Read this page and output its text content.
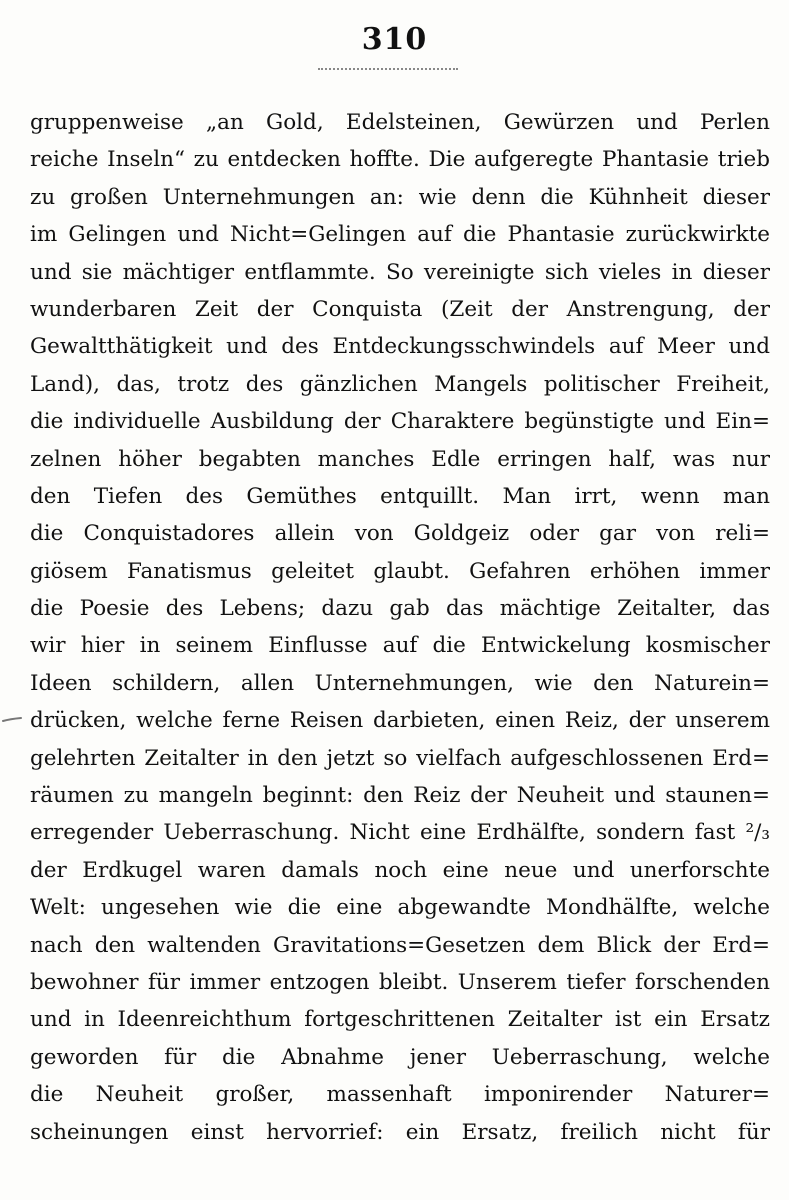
310
gruppenweise „an Gold, Edelsteinen, Gewürzen und Perlen
reiche Inseln“ zu entdecken hoffte. Die aufgeregte Phantasie trieb
zu großen Unternehmungen an: wie denn die Kühnheit dieser
im Gelingen und Nicht=Gelingen auf die Phantasie zurückwirkte
und sie mächtiger entflammte. So vereinigte sich vieles in dieser
wunderbaren Zeit der Conquista (Zeit der Anstrengung, der
Gewaltthätigkeit und des Entdeckungsschwindels auf Meer und
Land), das, trotz des gänzlichen Mangels politischer Freiheit,
die individuelle Ausbildung der Charaktere begünstigte und Ein=
zelnen höher begabten manches Edle erringen half, was nur
den Tiefen des Gemüthes entquillt. Man irrt, wenn man
die Conquistadores allein von Goldgeiz oder gar von reli=
giösem Fanatismus geleitet glaubt. Gefahren erhöhen immer
die Poesie des Lebens; dazu gab das mächtige Zeitalter, das
wir hier in seinem Einflusse auf die Entwickelung kosmischer
Ideen schildern, allen Unternehmungen, wie den Naturein=
drücken, welche ferne Reisen darbieten, einen Reiz, der unserem
gelehrten Zeitalter in den jetzt so vielfach aufgeschlossenen Erd=
räumen zu mangeln beginnt: den Reiz der Neuheit und staunen=
erregender Ueberraschung. Nicht eine Erdhälfte, sondern fast ²/₃
der Erdkugel waren damals noch eine neue und unerforschte
Welt: ungesehen wie die eine abgewandte Mondhälfte, welche
nach den waltenden Gravitations=Gesetzen dem Blick der Erd=
bewohner für immer entzogen bleibt. Unserem tiefer forschenden
und in Ideenreichthum fortgeschrittenen Zeitalter ist ein Ersatz
geworden für die Abnahme jener Ueberraschung, welche
die Neuheit großer, massenhaft imponirender Naturer=
scheinungen einst hervorrief: ein Ersatz, freilich nicht für
